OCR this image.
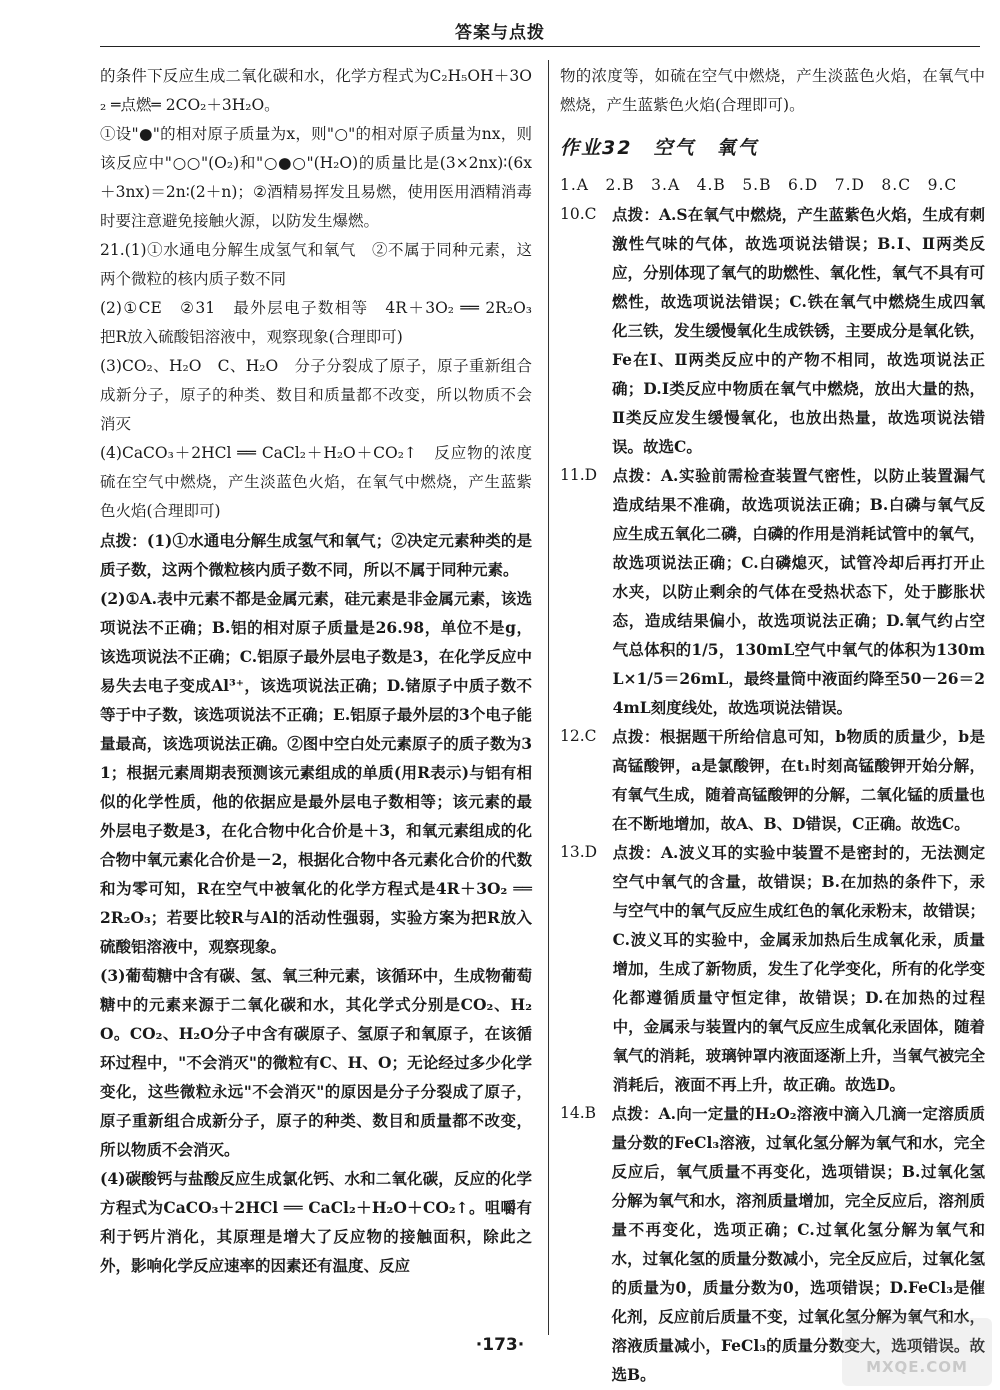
答案与点拨

的条件下反应生成二氧化碳和水，化学方程式为C₂H₅OH＋3O₂ ═点燃═ 2CO₂＋3H₂O。

①设"●"的相对原子质量为x，则"○"的相对原子质量为nx，则该反应中"○○"(O₂)和"○●○"(H₂O)的质量比是(3×2nx)∶(6x＋3nx)＝2n∶(2＋n)；②酒精易挥发且易燃，使用医用酒精消毒时要注意避免接触火源，以防发生爆燃。

21.(1)①水通电分解生成氢气和氧气　②不属于同种元素，这两个微粒的核内质子数不同

(2)①CE　②31　最外层电子数相等　4R＋3O₂ ══ 2R₂O₃　把R放入硫酸铝溶液中，观察现象(合理即可)

(3)CO₂、H₂O　C、H₂O　分子分裂成了原子，原子重新组合成新分子，原子的种类、数目和质量都不改变，所以物质不会消灭

(4)CaCO₃＋2HCl ══ CaCl₂＋H₂O＋CO₂↑　反应物的浓度　硫在空气中燃烧，产生淡蓝色火焰，在氧气中燃烧，产生蓝紫色火焰(合理即可)

点拨：(1)①水通电分解生成氢气和氧气；②决定元素种类的是质子数，这两个微粒核内质子数不同，所以不属于同种元素。

(2)①A.表中元素不都是金属元素，硅元素是非金属元素，该选项说法不正确；B.铝的相对原子质量是26.98，单位不是g，该选项说法不正确；C.铝原子最外层电子数是3，在化学反应中易失去电子变成Al³⁺，该选项说法正确；D.锗原子中质子数不等于中子数，该选项说法不正确；E.铝原子最外层的3个电子能量最高，该选项说法正确。②图中空白处元素原子的质子数为31；根据元素周期表预测该元素组成的单质(用R表示)与铝有相似的化学性质，他的依据应是最外层电子数相等；该元素的最外层电子数是3，在化合物中化合价是＋3，和氧元素组成的化合物中氧元素化合价是－2，根据化合物中各元素化合价的代数和为零可知，R在空气中被氧化的化学方程式是4R＋3O₂ ══ 2R₂O₃；若要比较R与Al的活动性强弱，实验方案为把R放入硫酸铝溶液中，观察现象。

(3)葡萄糖中含有碳、氢、氧三种元素，该循环中，生成物葡萄糖中的元素来源于二氧化碳和水，其化学式分别是CO₂、H₂O。CO₂、H₂O分子中含有碳原子、氢原子和氧原子，在该循环过程中，"不会消灭"的微粒有C、H、O；无论经过多少化学变化，这些微粒永远"不会消灭"的原因是分子分裂成了原子，原子重新组合成新分子，原子的种类、数目和质量都不改变，所以物质不会消灭。

(4)碳酸钙与盐酸反应生成氯化钙、水和二氧化碳，反应的化学方程式为CaCO₃＋2HCl ══ CaCl₂＋H₂O＋CO₂↑。咀嚼有利于钙片消化，其原理是增大了反应物的接触面积，除此之外，影响化学反应速率的因素还有温度、反应

物的浓度等，如硫在空气中燃烧，产生淡蓝色火焰，在氧气中燃烧，产生蓝紫色火焰(合理即可)。

作业32　空气　氧气

1.A　2.B　3.A　4.B　5.B　6.D　7.D　8.C　9.C

10.C　 点拨：A.S在氧气中燃烧，产生蓝紫色火焰，生成有刺激性气味的气体，故选项说法错误；B.Ⅰ、Ⅱ两类反应，分别体现了氧气的助燃性、氧化性，氧气不具有可燃性，故选项说法错误；C.铁在氧气中燃烧生成四氧化三铁，发生缓慢氧化生成铁锈，主要成分是氧化铁，Fe在Ⅰ、Ⅱ两类反应中的产物不相同，故选项说法正确；D.Ⅰ类反应中物质在氧气中燃烧，放出大量的热，Ⅱ类反应发生缓慢氧化，也放出热量，故选项说法错误。故选C。
11.D　 点拨：A.实验前需检查装置气密性，以防止装置漏气造成结果不准确，故选项说法正确；B.白磷与氧气反应生成五氧化二磷，白磷的作用是消耗试管中的氧气，故选项说法正确；C.白磷熄灭，试管冷却后再打开止水夹，以防止剩余的气体在受热状态下，处于膨胀状态，造成结果偏小，故选项说法正确；D.氧气约占空气总体积的1/5，130mL空气中氧气的体积为130mL×1/5＝26mL，最终量筒中液面约降至50－26＝24mL刻度线处，故选项说法错误。
12.C　 点拨：根据题干所给信息可知，b物质的质量少，b是高锰酸钾，a是氯酸钾，在t₁时刻高锰酸钾开始分解，有氧气生成，随着高锰酸钾的分解，二氧化锰的质量也在不断地增加，故A、B、D错误，C正确。故选C。
13.D　 点拨：A.波义耳的实验中装置不是密封的，无法测定空气中氧气的含量，故错误；B.在加热的条件下，汞与空气中的氧气反应生成红色的氧化汞粉末，故错误；C.波义耳的实验中，金属汞加热后生成氧化汞，质量增加，生成了新物质，发生了化学变化，所有的化学变化都遵循质量守恒定律，故错误；D.在加热的过程中，金属汞与装置内的氧气反应生成氧化汞固体，随着氧气的消耗，玻璃钟罩内液面逐渐上升，当氧气被完全消耗后，液面不再上升，故正确。故选D。
14.B　 点拨：A.向一定量的H₂O₂溶液中滴入几滴一定溶质质量分数的FeCl₃溶液，过氧化氢分解为氧气和水，完全反应后，氧气质量不再变化，选项错误；B.过氧化氢分解为氧气和水，溶剂质量增加，完全反应后，溶剂质量不再变化，选项正确；C.过氧化氢分解为氧气和水，过氧化氢的质量分数减小，完全反应后，过氧化氢的质量为0，质量分数为0，选项错误；D.FeCl₃是催化剂，反应前后质量不变，过氧化氢分解为氧气和水，溶液质量减小，FeCl₃的质量分数变大，选项错误。故选B。
·173·
MXQE.COM
